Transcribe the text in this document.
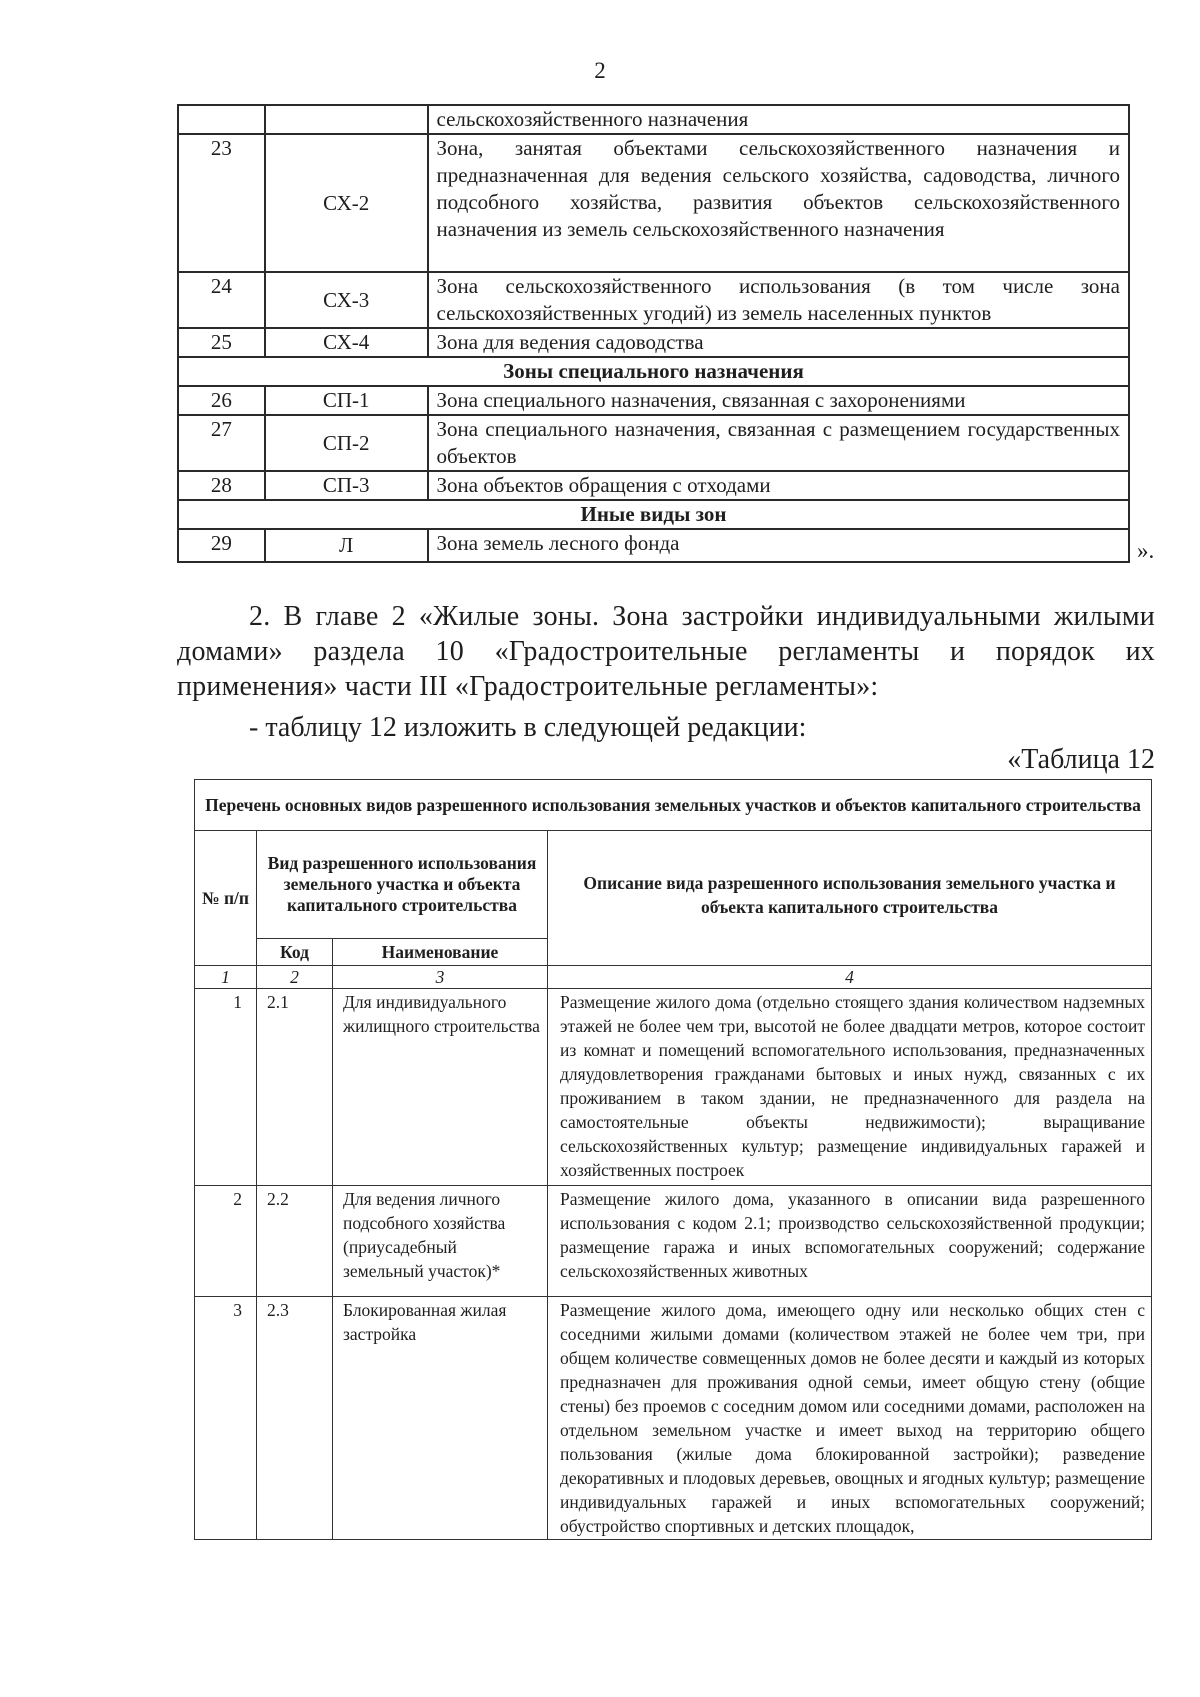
2
		сельскохозяйственного назначения
23	СХ-2	Зона, занятая объектами сельскохозяйственного назначения и предназначенная для ведения сельского хозяйства, садоводства, личного подсобного хозяйства, развития объектов сельскохозяйственного назначения из земель сельскохозяйственного назначения
24	СХ-3	Зона сельскохозяйственного использования (в том числе зона сельскохозяйственных угодий) из земель населенных пунктов
25	СХ-4	Зона для ведения садоводства
Зоны специального назначения		
26	СП-1	Зона специального назначения, связанная с захоронениями
27	СП-2	Зона специального назначения, связанная с размещением государственных объектов
28	СП-3	Зона объектов обращения с отходами
Иные виды зон		
29	Л	Зона земель лесного фонда	».

2. В главе 2 «Жилые зоны. Зона застройки индивидуальными жилыми домами» раздела 10 «Градостроительные регламенты и порядок их применения» части III «Градостроительные регламенты»:

- таблицу 12 изложить в следующей редакции:

«Таблица 12
Перечень основных видов разрешенного использования земельных участков и объектов капитального строительства			
№ п/п	Вид разрешенного использования земельного участка и объекта капитального строительства		Описание вида разрешенного использования земельного участка и объекта капитального строительства
	Код	Наименование	
1	2	3	4
1	2.1	Для индивидуального жилищного строительства	Размещение жилого дома (отдельно стоящего здания количеством надземных этажей не более чем три, высотой не более двадцати метров, которое состоит из комнат и помещений вспомогательного использования, предназначенных дляудовлетворения гражданами бытовых и иных нужд, связанных с их проживанием в таком здании, не предназначенного для раздела на самостоятельные объекты недвижимости); выращивание сельскохозяйственных культур; размещение индивидуальных гаражей и хозяйственных построек
2	2.2	Для ведения личного подсобного хозяйства (приусадебный земельный участок)*	Размещение жилого дома, указанного в описании вида разрешенного использования с кодом 2.1; производство сельскохозяйственной продукции; размещение гаража и иных вспомогательных сооружений; содержание сельскохозяйственных животных
3	2.3	Блокированная жилая застройка	Размещение жилого дома, имеющего одну или несколько общих стен с соседними жилыми домами (количеством этажей не более чем три, при общем количестве совмещенных домов не более десяти и каждый из которых предназначен для проживания одной семьи, имеет общую стену (общие стены) без проемов с соседним домом или соседними домами, расположен на отдельном земельном участке и имеет выход на территорию общего пользования (жилые дома блокированной застройки); разведение декоративных и плодовых деревьев, овощных и ягодных культур; размещение индивидуальных гаражей и иных вспомогательных сооружений; обустройство спортивных и детских площадок,
